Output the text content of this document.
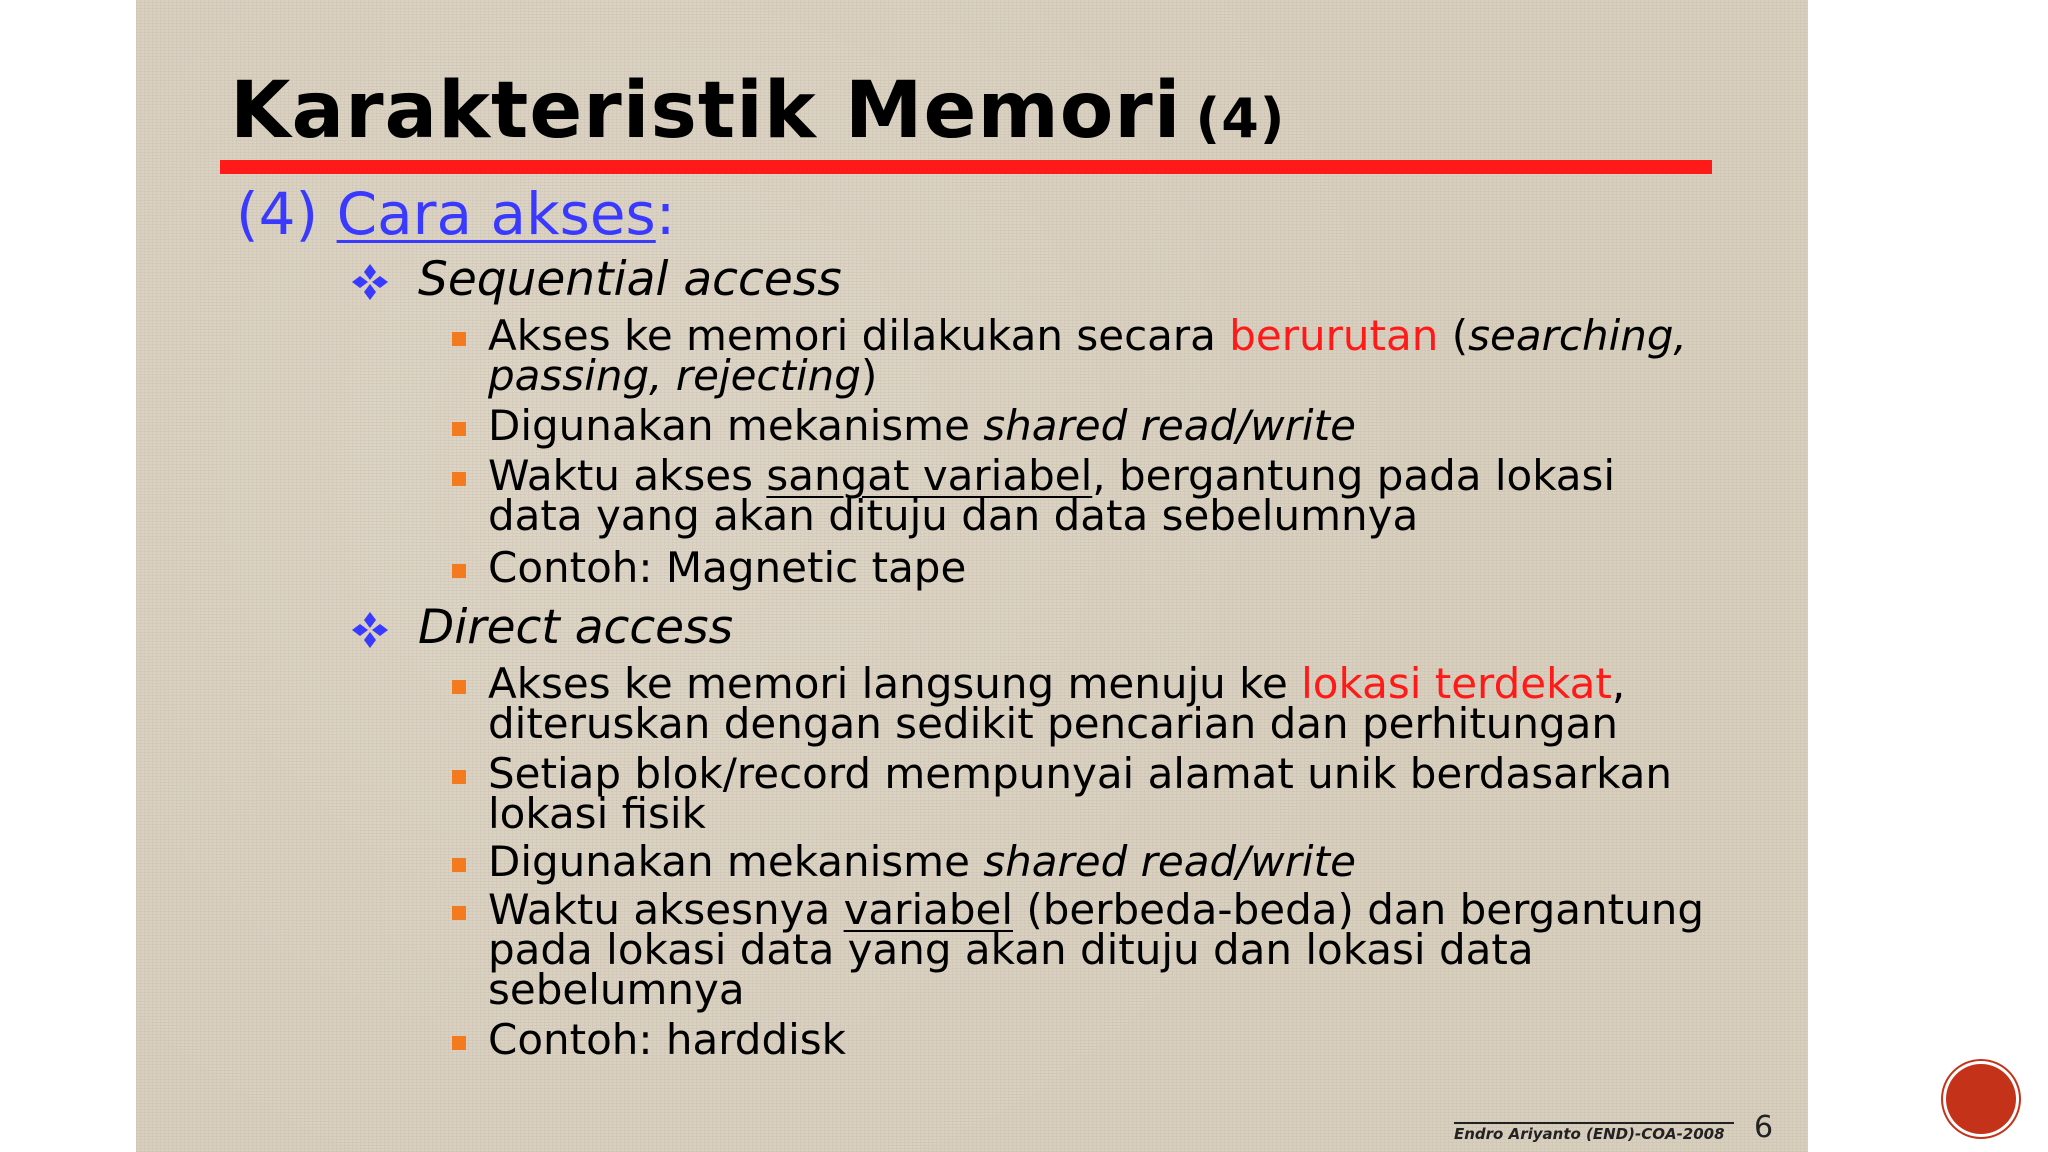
Karakteristik Memori (4)
(4) Cara akses:
Sequential access
Akses ke memori dilakukan secara berurutan (searching, passing, rejecting)
Digunakan mekanisme shared read/write
Waktu akses sangat variabel, bergantung pada lokasi data yang akan dituju dan data sebelumnya
Contoh: Magnetic tape
Direct access
Akses ke memori langsung menuju ke lokasi terdekat, diteruskan dengan sedikit pencarian dan perhitungan
Setiap blok/record mempunyai alamat unik berdasarkan lokasi fisik
Digunakan mekanisme shared read/write
Waktu aksesnya variabel (berbeda-beda) dan bergantung pada lokasi data yang akan dituju dan lokasi data sebelumnya
Contoh: harddisk
Endro Ariyanto (END)-COA-2008 6
